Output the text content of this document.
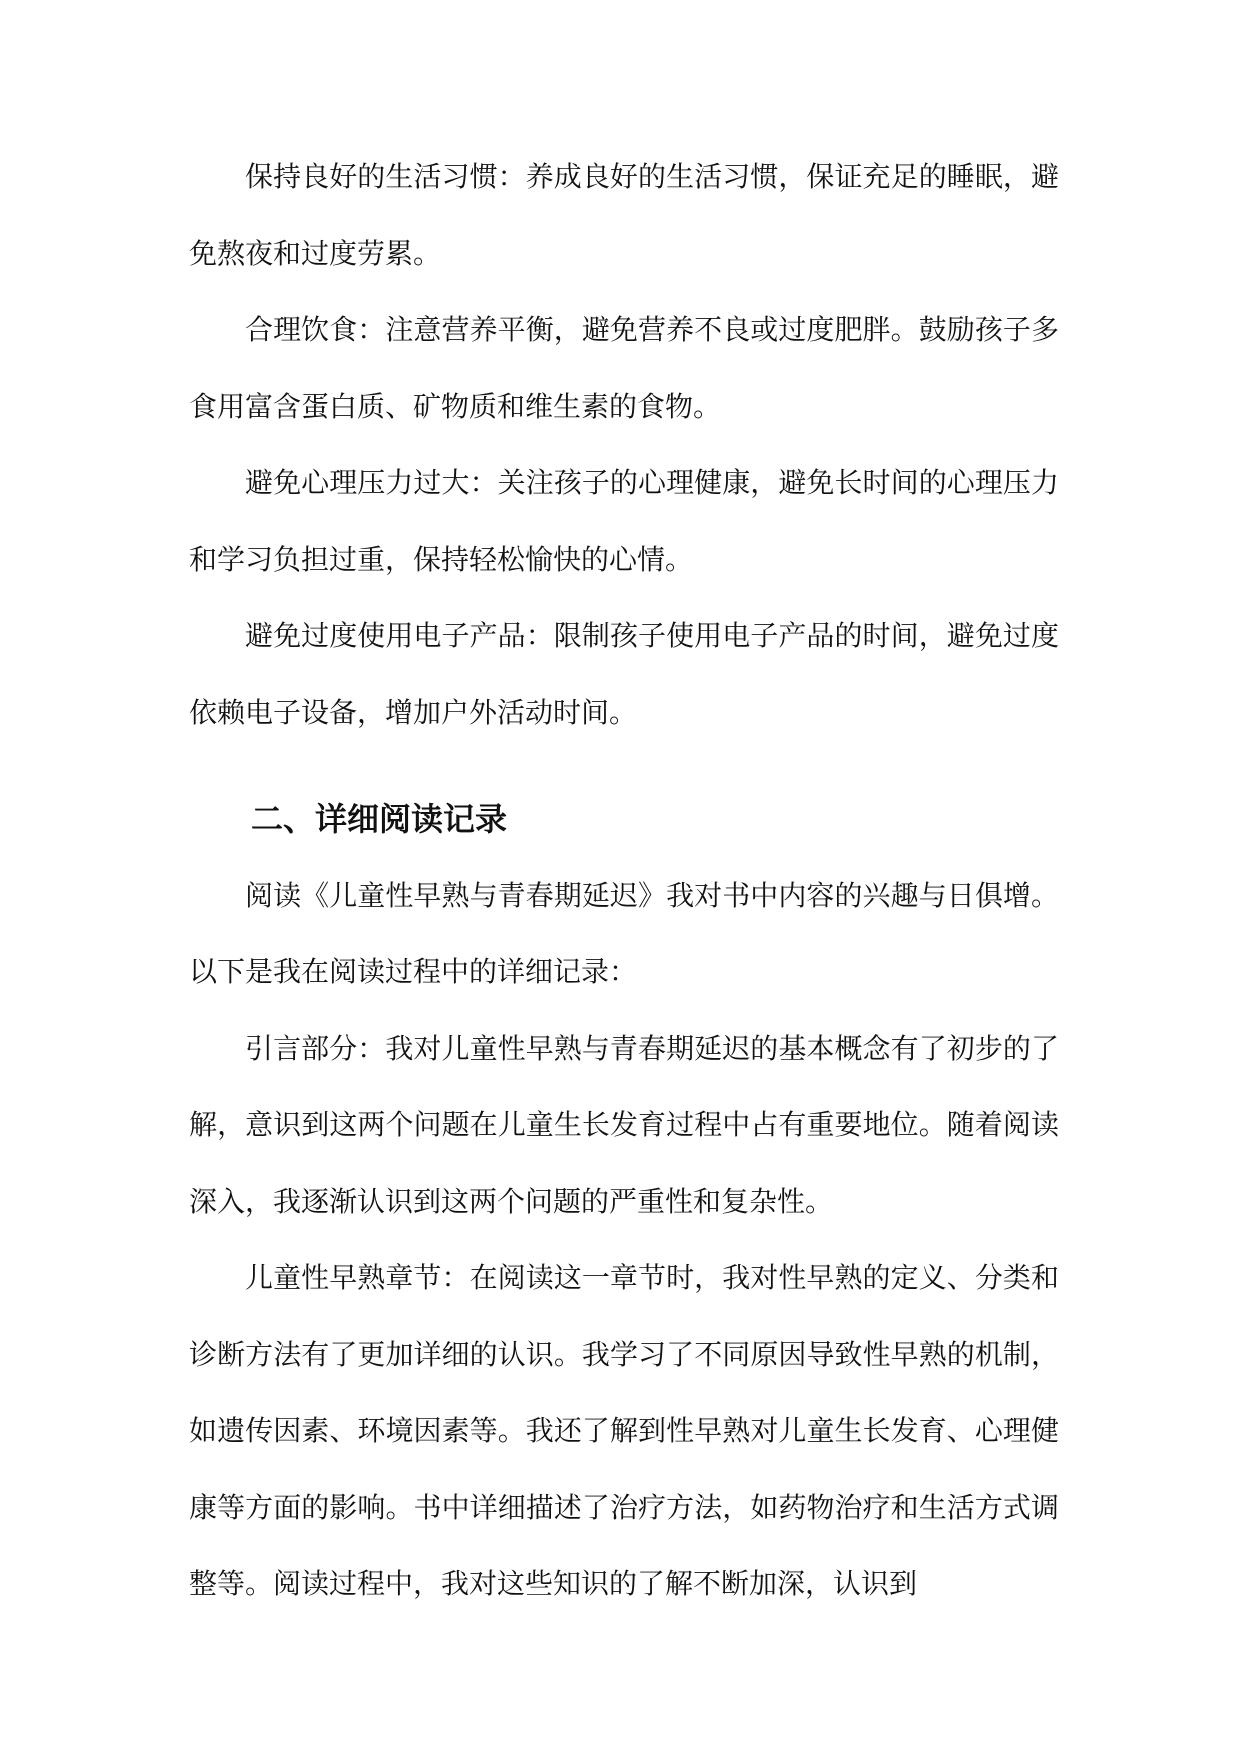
保持良好的生活习惯：养成良好的生活习惯，保证充足的睡眠，避免熬夜和过度劳累。

合理饮食：注意营养平衡，避免营养不良或过度肥胖。鼓励孩子多食用富含蛋白质、矿物质和维生素的食物。

避免心理压力过大：关注孩子的心理健康，避免长时间的心理压力和学习负担过重，保持轻松愉快的心情。

避免过度使用电子产品：限制孩子使用电子产品的时间，避免过度依赖电子设备，增加户外活动时间。

二、详细阅读记录

阅读《儿童性早熟与青春期延迟》我对书中内容的兴趣与日俱增。以下是我在阅读过程中的详细记录：

引言部分：我对儿童性早熟与青春期延迟的基本概念有了初步的了解，意识到这两个问题在儿童生长发育过程中占有重要地位。随着阅读深入，我逐渐认识到这两个问题的严重性和复杂性。

儿童性早熟章节：在阅读这一章节时，我对性早熟的定义、分类和诊断方法有了更加详细的认识。我学习了不同原因导致性早熟的机制，如遗传因素、环境因素等。我还了解到性早熟对儿童生长发育、心理健康等方面的影响。书中详细描述了治疗方法，如药物治疗和生活方式调整等。阅读过程中，我对这些知识的了解不断加深，认识到
